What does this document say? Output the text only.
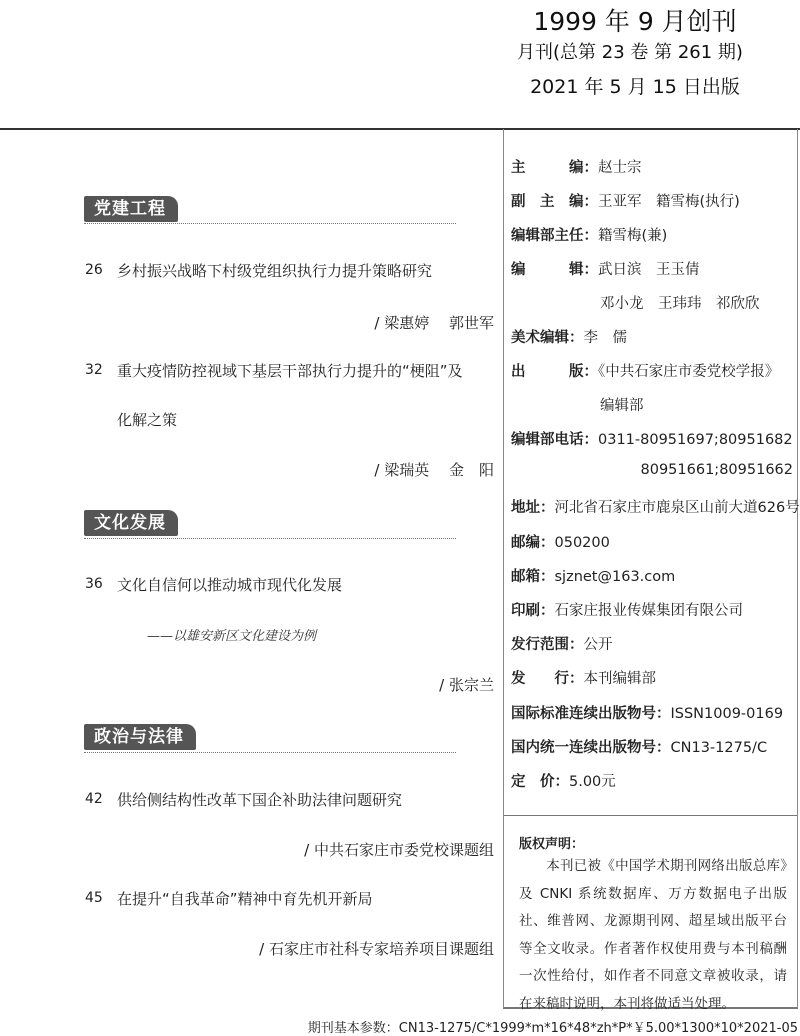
1999 年 9 月创刊
月刊(总第 23 卷 第 261 期)
2021 年 5 月 15 日出版
党建工程
26 乡村振兴战略下村级党组织执行力提升策略研究
/ 梁惠婷　 郭世军
32 重大疫情防控视域下基层干部执行力提升的“梗阻”及
化解之策
/ 梁瑞英　 金　阳
文化发展
36 文化自信何以推动城市现代化发展
——以雄安新区文化建设为例
/ 张宗兰
政治与法律
42 供给侧结构性改革下国企补助法律问题研究
/ 中共石家庄市委党校课题组
45 在提升“自我革命”精神中育先机开新局
/ 石家庄市社科专家培养项目课题组
主　　　编：赵士宗
副　主　编：王亚军　籍雪梅(执行)
编辑部主任：籍雪梅(兼)
编　　　辑：武日滨　王玉倩
邓小龙　王玮玮　祁欣欣
美术编辑：李　儒
出　　　版：《中共石家庄市委党校学报》
编辑部
编辑部电话：0311-80951697;80951682
80951661;80951662
地址：河北省石家庄市鹿泉区山前大道626号
邮编：050200
邮箱：sjznet@163.com
印刷：石家庄报业传媒集团有限公司
发行范围：公开
发　　行：本刊编辑部
国际标准连续出版物号：ISSN1009-0169
国内统一连续出版物号：CN13-1275/C
定　价：5.00元
版权声明：
本刊已被《中国学术期刊网络出版总库》及 CNKI 系统数据库、万方数据电子出版社、维普网、龙源期刊网、超星域出版平台等全文收录。作者著作权使用费与本刊稿酬一次性给付，如作者不同意文章被收录，请在来稿时说明，本刊将做适当处理。
期刊基本参数：CN13-1275/C*1999*m*16*48*zh*P*￥5.00*1300*10*2021-05
